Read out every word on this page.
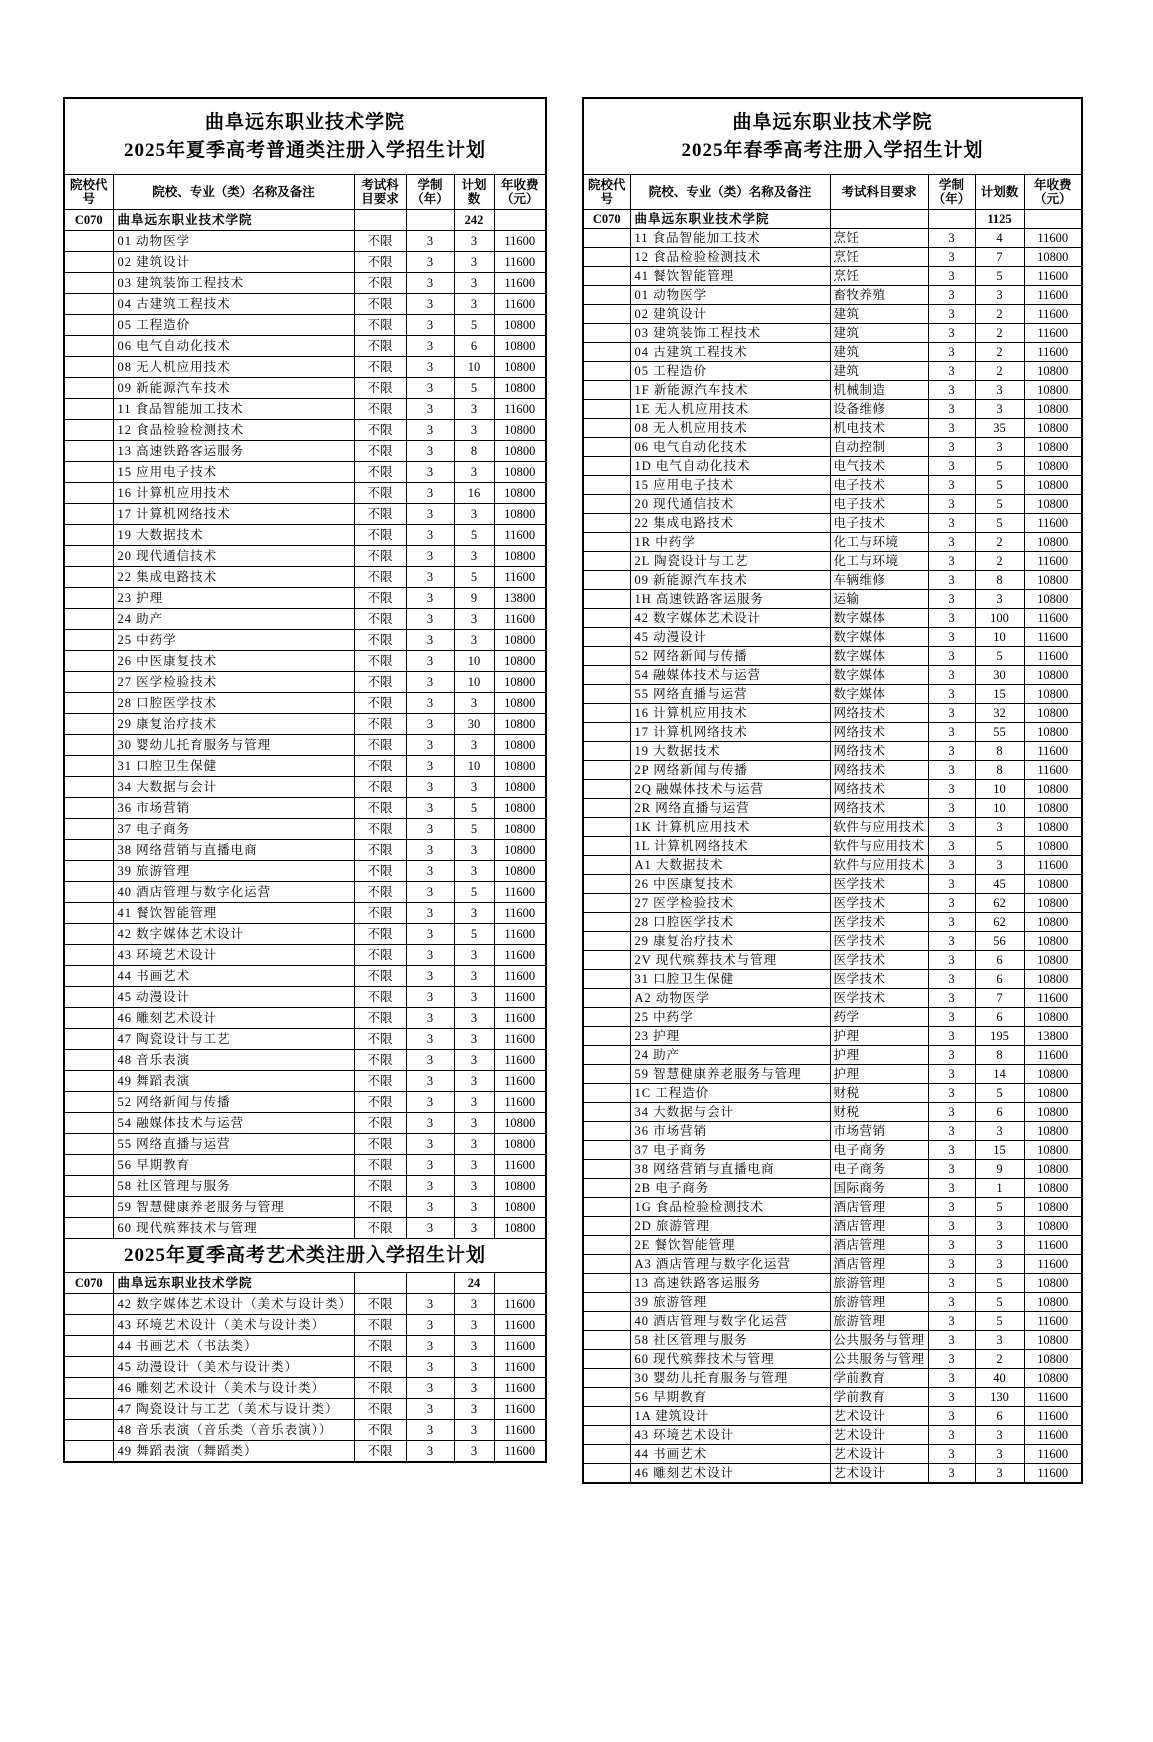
曲阜远东职业技术学院
2025年夏季高考普通类注册入学招生计划					

院校代号	院校、专业（类）名称及备注	考试科目要求	学制（年）	计划数	年收费（元）
C070	曲阜远东职业技术学院			242	
	01 动物医学	不限	3	3	11600
	02 建筑设计	不限	3	3	11600
	03 建筑装饰工程技术	不限	3	3	11600
	04 古建筑工程技术	不限	3	3	11600
	05 工程造价	不限	3	5	10800
	06 电气自动化技术	不限	3	6	10800
	08 无人机应用技术	不限	3	10	10800
	09 新能源汽车技术	不限	3	5	10800
	11 食品智能加工技术	不限	3	3	11600
	12 食品检验检测技术	不限	3	3	10800
	13 高速铁路客运服务	不限	3	8	10800
	15 应用电子技术	不限	3	3	10800
	16 计算机应用技术	不限	3	16	10800
	17 计算机网络技术	不限	3	3	10800
	19 大数据技术	不限	3	5	11600
	20 现代通信技术	不限	3	3	10800
	22 集成电路技术	不限	3	5	11600
	23 护理	不限	3	9	13800
	24 助产	不限	3	3	11600
	25 中药学	不限	3	3	10800
	26 中医康复技术	不限	3	10	10800
	27 医学检验技术	不限	3	10	10800
	28 口腔医学技术	不限	3	3	10800
	29 康复治疗技术	不限	3	30	10800
	30 婴幼儿托育服务与管理	不限	3	3	10800
	31 口腔卫生保健	不限	3	10	10800
	34 大数据与会计	不限	3	3	10800
	36 市场营销	不限	3	5	10800
	37 电子商务	不限	3	5	10800
	38 网络营销与直播电商	不限	3	3	10800
	39 旅游管理	不限	3	3	10800
	40 酒店管理与数字化运营	不限	3	5	11600
	41 餐饮智能管理	不限	3	3	11600
	42 数字媒体艺术设计	不限	3	5	11600
	43 环境艺术设计	不限	3	3	11600
	44 书画艺术	不限	3	3	11600
	45 动漫设计	不限	3	3	11600
	46 雕刻艺术设计	不限	3	3	11600
	47 陶瓷设计与工艺	不限	3	3	11600
	48 音乐表演	不限	3	3	11600
	49 舞蹈表演	不限	3	3	11600
	52 网络新闻与传播	不限	3	3	11600
	54 融媒体技术与运营	不限	3	3	10800
	55 网络直播与运营	不限	3	3	10800
	56 早期教育	不限	3	3	11600
	58 社区管理与服务	不限	3	3	10800
	59 智慧健康养老服务与管理	不限	3	3	10800
	60 现代殡葬技术与管理	不限	3	3	10800
2025年夏季高考艺术类注册入学招生计划					
C070	曲阜远东职业技术学院			24	
	42 数字媒体艺术设计（美术与设计类）	不限	3	3	11600
	43 环境艺术设计（美术与设计类）	不限	3	3	11600
	44 书画艺术（书法类）	不限	3	3	11600
	45 动漫设计（美术与设计类）	不限	3	3	11600
	46 雕刻艺术设计（美术与设计类）	不限	3	3	11600
	47 陶瓷设计与工艺（美术与设计类）	不限	3	3	11600
	48 音乐表演（音乐类（音乐表演））	不限	3	3	11600
	49 舞蹈表演（舞蹈类）	不限	3	3	11600
曲阜远东职业技术学院
2025年春季高考注册入学招生计划					

院校代号	院校、专业（类）名称及备注	考试科目要求	学制（年）	计划数	年收费（元）
C070	曲阜远东职业技术学院			1125	
	11 食品智能加工技术	烹饪	3	4	11600
	12 食品检验检测技术	烹饪	3	7	10800
	41 餐饮智能管理	烹饪	3	5	11600
	01 动物医学	畜牧养殖	3	3	11600
	02 建筑设计	建筑	3	2	11600
	03 建筑装饰工程技术	建筑	3	2	11600
	04 古建筑工程技术	建筑	3	2	11600
	05 工程造价	建筑	3	2	10800
	1F 新能源汽车技术	机械制造	3	3	10800
	1E 无人机应用技术	设备维修	3	3	10800
	08 无人机应用技术	机电技术	3	35	10800
	06 电气自动化技术	自动控制	3	3	10800
	1D 电气自动化技术	电气技术	3	5	10800
	15 应用电子技术	电子技术	3	5	10800
	20 现代通信技术	电子技术	3	5	10800
	22 集成电路技术	电子技术	3	5	11600
	1R 中药学	化工与环境	3	2	10800
	2L 陶瓷设计与工艺	化工与环境	3	2	11600
	09 新能源汽车技术	车辆维修	3	8	10800
	1H 高速铁路客运服务	运输	3	3	10800
	42 数字媒体艺术设计	数字媒体	3	100	11600
	45 动漫设计	数字媒体	3	10	11600
	52 网络新闻与传播	数字媒体	3	5	11600
	54 融媒体技术与运营	数字媒体	3	30	10800
	55 网络直播与运营	数字媒体	3	15	10800
	16 计算机应用技术	网络技术	3	32	10800
	17 计算机网络技术	网络技术	3	55	10800
	19 大数据技术	网络技术	3	8	11600
	2P 网络新闻与传播	网络技术	3	8	11600
	2Q 融媒体技术与运营	网络技术	3	10	10800
	2R 网络直播与运营	网络技术	3	10	10800
	1K 计算机应用技术	软件与应用技术	3	3	10800
	1L 计算机网络技术	软件与应用技术	3	5	10800
	A1 大数据技术	软件与应用技术	3	3	11600
	26 中医康复技术	医学技术	3	45	10800
	27 医学检验技术	医学技术	3	62	10800
	28 口腔医学技术	医学技术	3	62	10800
	29 康复治疗技术	医学技术	3	56	10800
	2V 现代殡葬技术与管理	医学技术	3	6	10800
	31 口腔卫生保健	医学技术	3	6	10800
	A2 动物医学	医学技术	3	7	11600
	25 中药学	药学	3	6	10800
	23 护理	护理	3	195	13800
	24 助产	护理	3	8	11600
	59 智慧健康养老服务与管理	护理	3	14	10800
	1C 工程造价	财税	3	5	10800
	34 大数据与会计	财税	3	6	10800
	36 市场营销	市场营销	3	3	10800
	37 电子商务	电子商务	3	15	10800
	38 网络营销与直播电商	电子商务	3	9	10800
	2B 电子商务	国际商务	3	1	10800
	1G 食品检验检测技术	酒店管理	3	5	10800
	2D 旅游管理	酒店管理	3	3	10800
	2E 餐饮智能管理	酒店管理	3	3	11600
	A3 酒店管理与数字化运营	酒店管理	3	3	11600
	13 高速铁路客运服务	旅游管理	3	5	10800
	39 旅游管理	旅游管理	3	5	10800
	40 酒店管理与数字化运营	旅游管理	3	5	11600
	58 社区管理与服务	公共服务与管理	3	3	10800
	60 现代殡葬技术与管理	公共服务与管理	3	2	10800
	30 婴幼儿托育服务与管理	学前教育	3	40	10800
	56 早期教育	学前教育	3	130	11600
	1A 建筑设计	艺术设计	3	6	11600
	43 环境艺术设计	艺术设计	3	3	11600
	44 书画艺术	艺术设计	3	3	11600
	46 雕刻艺术设计	艺术设计	3	3	11600
